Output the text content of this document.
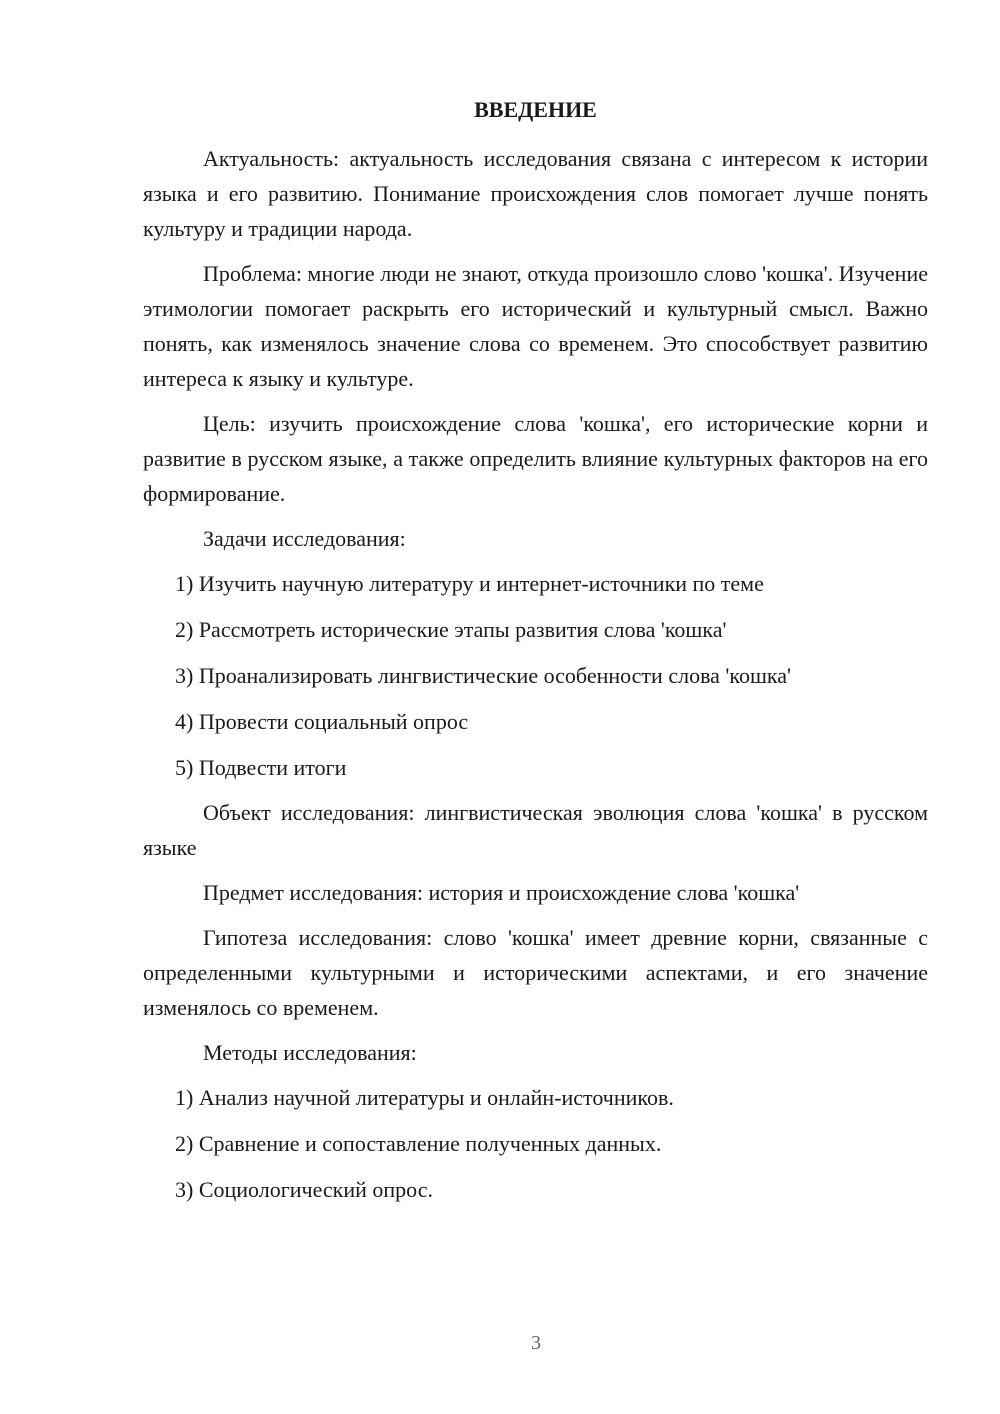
ВВЕДЕНИЕ

Актуальность: актуальность исследования связана с интересом к истории языка и его развитию. Понимание происхождения слов помогает лучше понять культуру и традиции народа.

Проблема: многие люди не знают, откуда произошло слово 'кошка'. Изучение этимологии помогает раскрыть его исторический и культурный смысл. Важно понять, как изменялось значение слова со временем. Это способствует развитию интереса к языку и культуре.

Цель: изучить происхождение слова 'кошка', его исторические корни и развитие в русском языке, а также определить влияние культурных факторов на его формирование.

Задачи исследования:

1) Изучить научную литературу и интернет-источники по теме
2) Рассмотреть исторические этапы развития слова 'кошка'
3) Проанализировать лингвистические особенности слова 'кошка'
4) Провести социальный опрос
5) Подвести итоги

Объект исследования: лингвистическая эволюция слова 'кошка' в русском языке

Предмет исследования: история и происхождение слова 'кошка'

Гипотеза исследования: слово 'кошка' имеет древние корни, связанные с определенными культурными и историческими аспектами, и его значение изменялось со временем.

Методы исследования:

1) Анализ научной литературы и онлайн-источников.
2) Сравнение и сопоставление полученных данных.
3) Социологический опрос.
3
